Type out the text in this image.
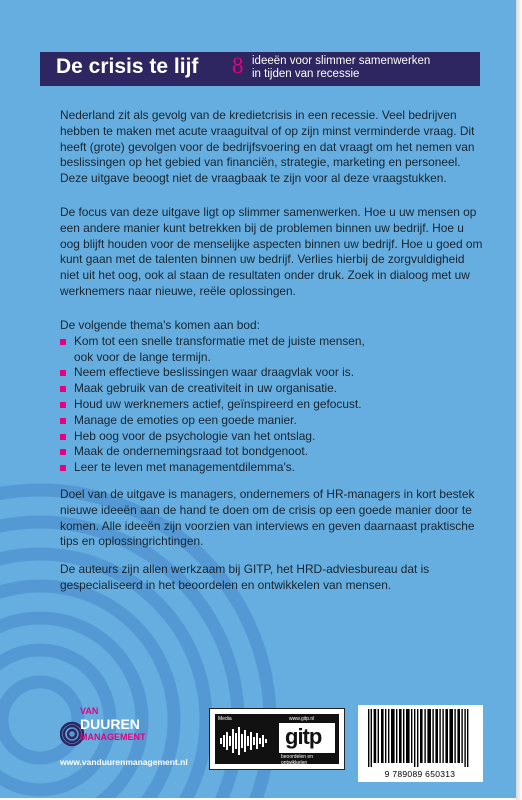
De crisis te lijf 8 ideeën voor slimmer samenwerken
in tijden van recessie

Nederland zit als gevolg van de kredietcrisis in een recessie. Veel bedrijven

hebben te maken met acute vraaguitval of op zijn minst verminderde vraag. Dit

heeft (grote) gevolgen voor de bedrijfsvoering en dat vraagt om het nemen van

beslissingen op het gebied van financiën, strategie, marketing en personeel.

Deze uitgave beoogt niet de vraagbaak te zijn voor al deze vraagstukken.

De focus van deze uitgave ligt op slimmer samenwerken. Hoe u uw mensen op

een andere manier kunt betrekken bij de problemen binnen uw bedrijf. Hoe u

oog blijft houden voor de menselijke aspecten binnen uw bedrijf. Hoe u goed om

kunt gaan met de talenten binnen uw bedrijf. Verlies hierbij de zorgvuldigheid

niet uit het oog, ook al staan de resultaten onder druk. Zoek in dialoog met uw

werknemers naar nieuwe, reële oplossingen.

De volgende thema's komen aan bod:

Kom tot een snelle transformatie met de juiste mensen,
ook voor de lange termijn.
Neem effectieve beslissingen waar draagvlak voor is.
Maak gebruik van de creativiteit in uw organisatie.
Houd uw werknemers actief, geïnspireerd en gefocust.
Manage de emoties op een goede manier.
Heb oog voor de psychologie van het ontslag.
Maak de ondernemingsraad tot bondgenoot.
Leer te leven met managementdilemma's.

Doel van de uitgave is managers, ondernemers of HR-managers in kort bestek

nieuwe ideeën aan de hand te doen om de crisis op een goede manier door te

komen. Alle ideeën zijn voorzien van interviews en geven daarnaast praktische

tips en oplossingrichtingen.

De auteurs zijn allen werkzaam bij GITP, het HRD-adviesbureau dat is

gespecialiseerd in het beoordelen en ontwikkelen van mensen.

VAN
DUUREN
MANAGEMENT
www.vanduurenmanagement.nl
Media	www.gitp.nl
gitp
beoordelen en ontwikkelen
9 789089 650313
